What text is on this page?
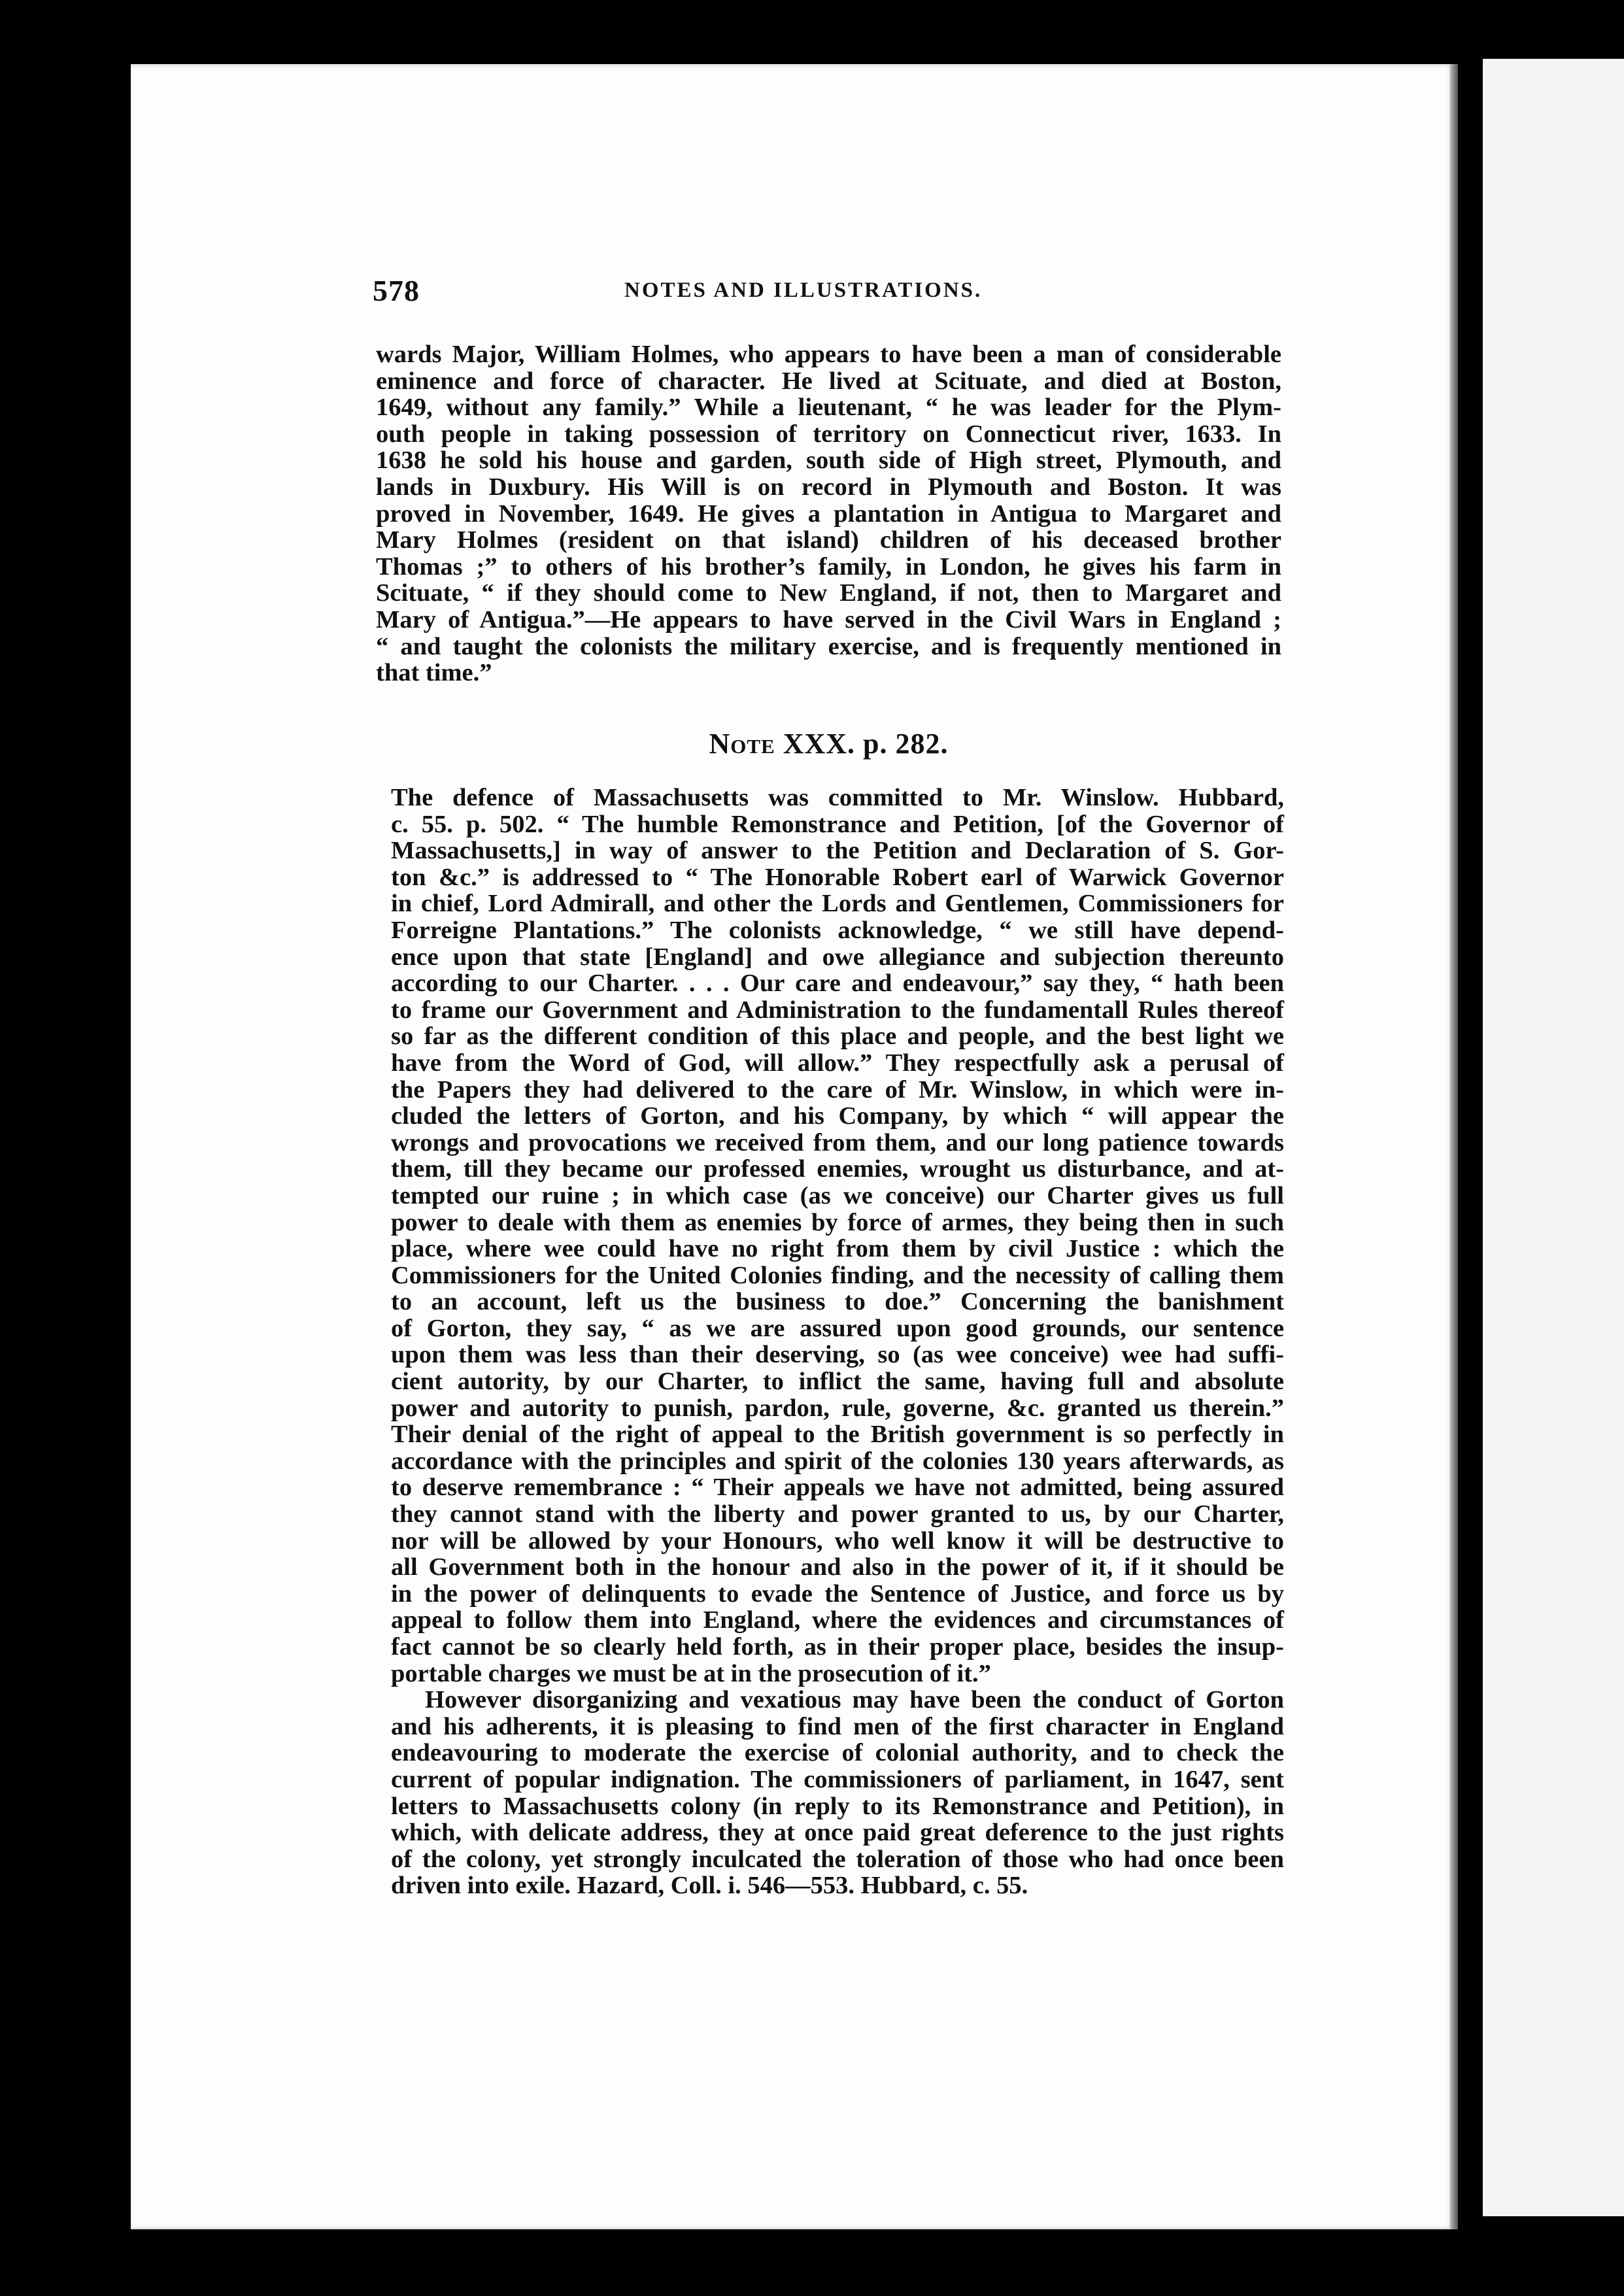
578	NOTES AND ILLUSTRATIONS.
wards Major, William Holmes, who appears to have been a man of considerable
eminence and force of character. He lived at Scituate, and died at Boston,
1649, without any family.” While a lieutenant, “ he was leader for the Plym-
outh people in taking possession of territory on Connecticut river, 1633. In
1638 he sold his house and garden, south side of High street, Plymouth, and
lands in Duxbury. His Will is on record in Plymouth and Boston. It was
proved in November, 1649. He gives a plantation in Antigua to Margaret and
Mary Holmes (resident on that island) children of his deceased brother
Thomas ;” to others of his brother’s family, in London, he gives his farm in
Scituate, “ if they should come to New England, if not, then to Margaret and
Mary of Antigua.”—He appears to have served in the Civil Wars in England ;
“ and taught the colonists the military exercise, and is frequently mentioned in
that time.”
Note XXX. p. 282.
The defence of Massachusetts was committed to Mr. Winslow. Hubbard,
c. 55. p. 502. “ The humble Remonstrance and Petition, [of the Governor of
Massachusetts,] in way of answer to the Petition and Declaration of S. Gor-
ton &c.” is addressed to “ The Honorable Robert earl of Warwick Governor
in chief, Lord Admirall, and other the Lords and Gentlemen, Commissioners for
Forreigne Plantations.” The colonists acknowledge, “ we still have depend-
ence upon that state [England] and owe allegiance and subjection thereunto
according to our Charter. . . . Our care and endeavour,” say they, “ hath been
to frame our Government and Administration to the fundamentall Rules thereof
so far as the different condition of this place and people, and the best light we
have from the Word of God, will allow.” They respectfully ask a perusal of
the Papers they had delivered to the care of Mr. Winslow, in which were in-
cluded the letters of Gorton, and his Company, by which “ will appear the
wrongs and provocations we received from them, and our long patience towards
them, till they became our professed enemies, wrought us disturbance, and at-
tempted our ruine ; in which case (as we conceive) our Charter gives us full
power to deale with them as enemies by force of armes, they being then in such
place, where wee could have no right from them by civil Justice : which the
Commissioners for the United Colonies finding, and the necessity of calling them
to an account, left us the business to doe.” Concerning the banishment
of Gorton, they say, “ as we are assured upon good grounds, our sentence
upon them was less than their deserving, so (as wee conceive) wee had suffi-
cient autority, by our Charter, to inflict the same, having full and absolute
power and autority to punish, pardon, rule, governe, &c. granted us therein.”
Their denial of the right of appeal to the British government is so perfectly in
accordance with the principles and spirit of the colonies 130 years afterwards, as
to deserve remembrance : “ Their appeals we have not admitted, being assured
they cannot stand with the liberty and power granted to us, by our Charter,
nor will be allowed by your Honours, who well know it will be destructive to
all Government both in the honour and also in the power of it, if it should be
in the power of delinquents to evade the Sentence of Justice, and force us by
appeal to follow them into England, where the evidences and circumstances of
fact cannot be so clearly held forth, as in their proper place, besides the insup-
portable charges we must be at in the prosecution of it.”
However disorganizing and vexatious may have been the conduct of Gorton
and his adherents, it is pleasing to find men of the first character in England
endeavouring to moderate the exercise of colonial authority, and to check the
current of popular indignation. The commissioners of parliament, in 1647, sent
letters to Massachusetts colony (in reply to its Remonstrance and Petition), in
which, with delicate address, they at once paid great deference to the just rights
of the colony, yet strongly inculcated the toleration of those who had once been
driven into exile. Hazard, Coll. i. 546—553. Hubbard, c. 55.
